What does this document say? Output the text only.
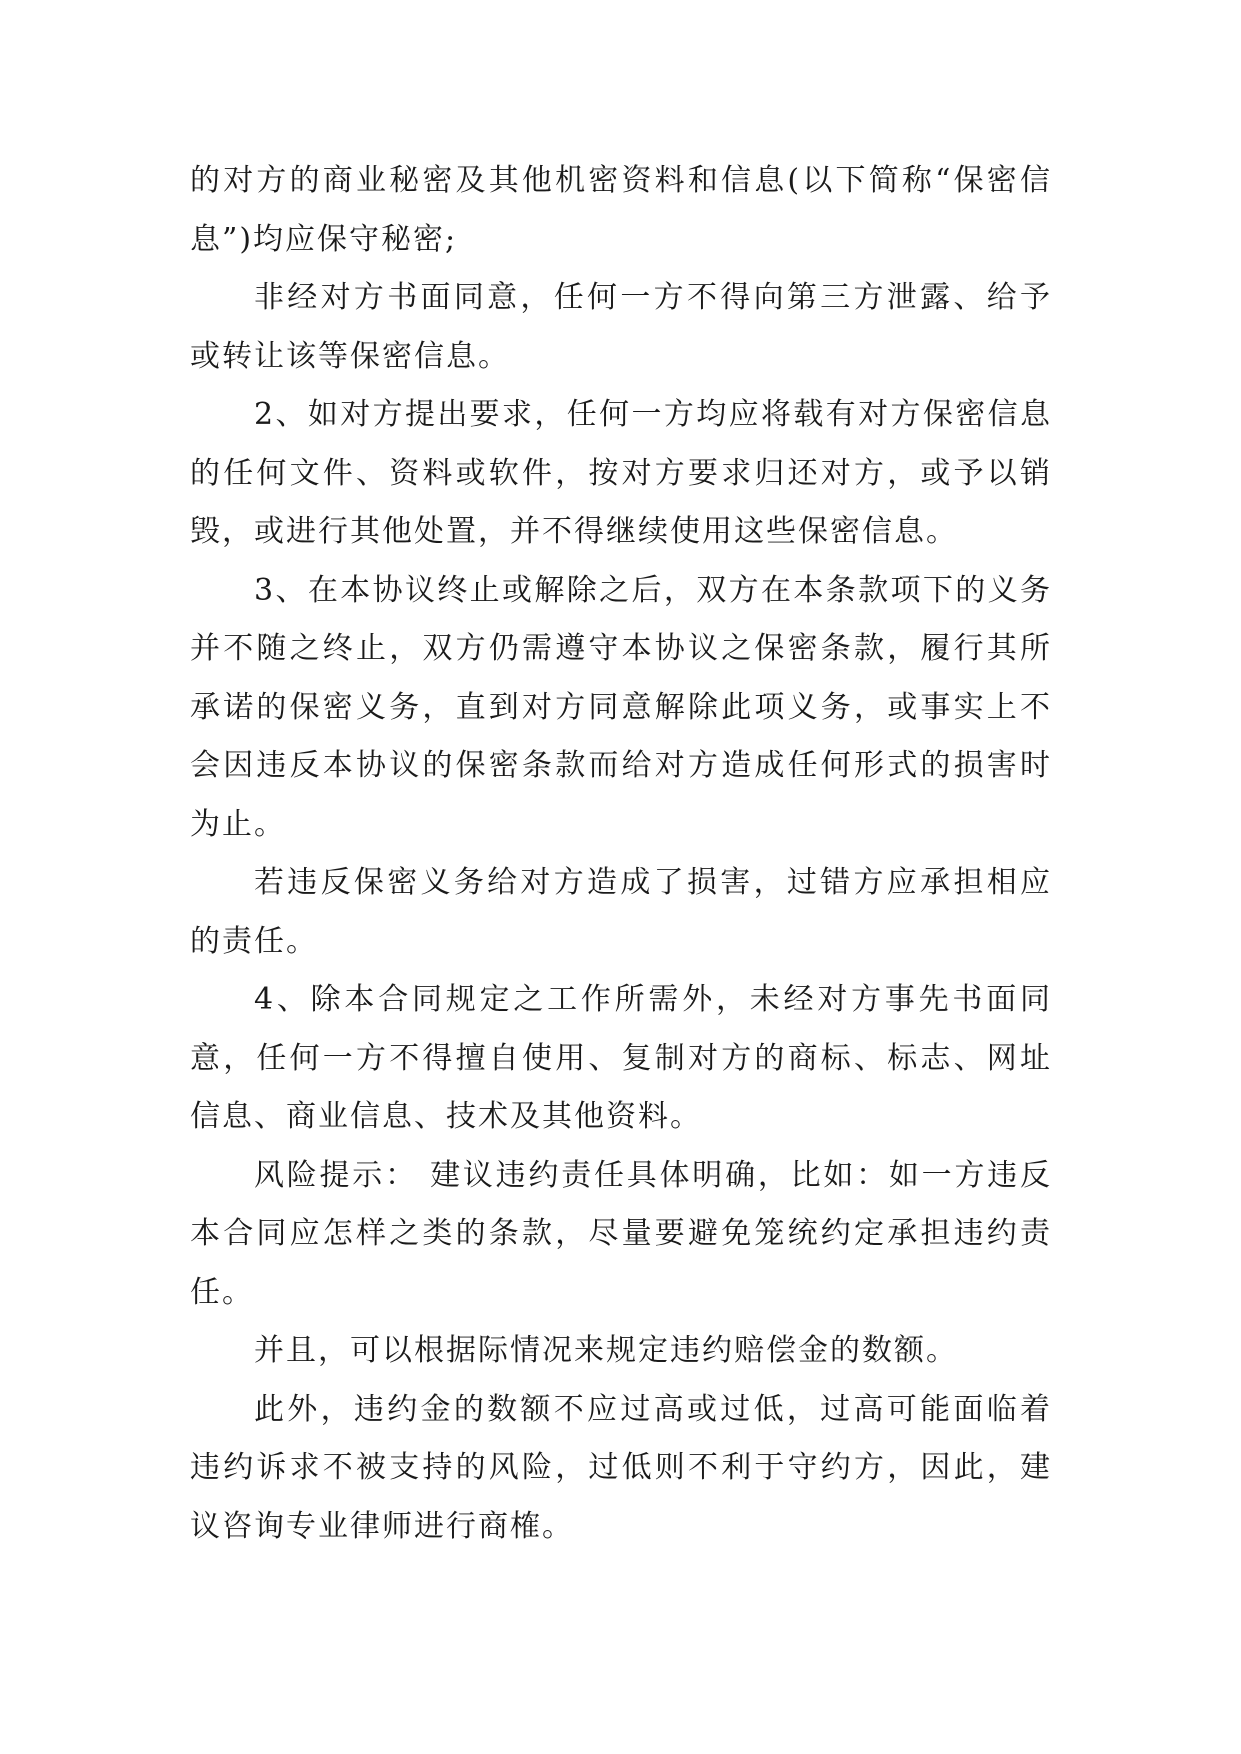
的对方的商业秘密及其他机密资料和信息(以下简称“保密信息”)均应保守秘密;

非经对方书面同意，任何一方不得向第三方泄露、给予或转让该等保密信息。

2、如对方提出要求，任何一方均应将载有对方保密信息的任何文件、资料或软件，按对方要求归还对方，或予以销毁，或进行其他处置，并不得继续使用这些保密信息。

3、在本协议终止或解除之后，双方在本条款项下的义务并不随之终止，双方仍需遵守本协议之保密条款，履行其所承诺的保密义务，直到对方同意解除此项义务，或事实上不会因违反本协议的保密条款而给对方造成任何形式的损害时为止。

若违反保密义务给对方造成了损害，过错方应承担相应的责任。

4、除本合同规定之工作所需外，未经对方事先书面同意，任何一方不得擅自使用、复制对方的商标、标志、网址信息、商业信息、技术及其他资料。

风险提示： 建议违约责任具体明确，比如：如一方违反本合同应怎样之类的条款，尽量要避免笼统约定承担违约责任。

并且，可以根据际情况来规定违约赔偿金的数额。

此外，违约金的数额不应过高或过低，过高可能面临着违约诉求不被支持的风险，过低则不利于守约方，因此，建议咨询专业律师进行商榷。
